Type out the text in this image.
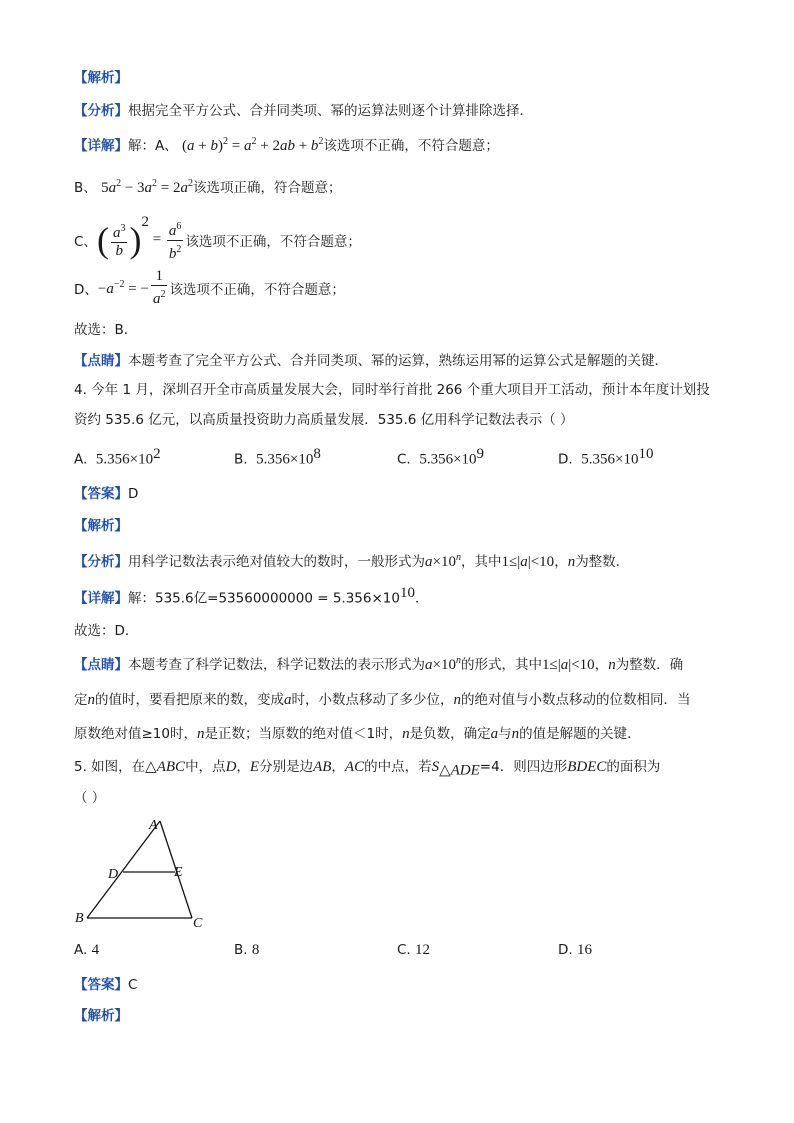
【解析】
【分析】根据完全平方公式、合并同类项、幂的运算法则逐个计算排除选择．
【详解】解：A、 $(a + b)^2 = a^2 + 2ab + b^2$该选项不正确，不符合题意；
B、 $5a^2 - 3a^2 = 2a^2$该选项正确，符合题意；
C、( $\frac{a^3}{b} )^2 = \frac{a^6}{b^2}$ 该选项不正确，不符合题意；
D、$-a^{-2}$ = − $\frac{1}{a^2}$ 该选项不正确，不符合题意；
故选：B．
【点睛】本题考查了完全平方公式、合并同类项、幂的运算，熟练运用幂的运算公式是解题的关键．
4. 今年 1 月，深圳召开全市高质量发展大会，同时举行首批 266 个重大项目开工活动，预计本年度计划投
资约 535.6 亿元，以高质量投资助力高质量发展．535.6 亿用科学记数法表示（ ）
A. $5.356\times 10^2$	B. $5.356\times 10^8$	C. $5.356\times 10^9$	D. $5.356\times 10^{10}$
【答案】D
【解析】
【分析】用科学记数法表示绝对值较大的数时，一般形式为$a\times 10^n$，其中1≤|a|<10，n为整数．
【详解】解：535.6亿$=53560000000 = 5.356\times 10^{10}$．
故选：D．
【点睛】本题考查了科学记数法，科学记数法的表示形式为$a\times 10^n$的形式，其中1≤|a|<10，n为整数．确
定n的值时，要看把原来的数，变成a时，小数点移动了多少位，n的绝对值与小数点移动的位数相同．当
原数绝对值≥10时，n是正数；当原数的绝对值＜1时，n是负数，确定a与n的值是解题的关键．
5. 如图，在△ABC中，点D，E分别是边AB，AC的中点，若$S_{\triangle ADE}=4$．则四边形BDEC的面积为
（ ）
A
D	E
B	C
A. 4	B. 8	C. 12	D. 16
【答案】C
【解析】
